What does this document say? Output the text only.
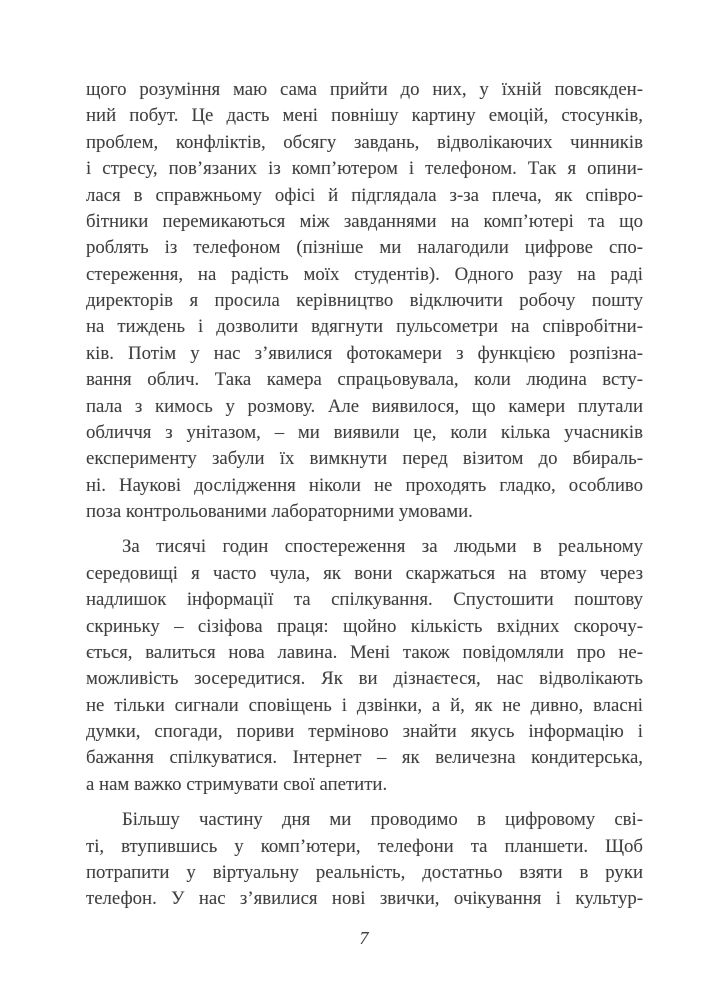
щого розуміння маю сама прийти до них, у їхній повсякден-
ний побут. Це дасть мені повнішу картину емоцій, стосунків,
проблем, конфліктів, обсягу завдань, відволікаючих чинників
і стресу, пов’язаних із комп’ютером і телефоном. Так я опини-
лася в справжньому офісі й підглядала з-за плеча, як співро-
бітники перемикаються між завданнями на комп’ютері та що
роблять із телефоном (пізніше ми налагодили цифрове спо-
стереження, на радість моїх студентів). Одного разу на раді
директорів я просила керівництво відключити робочу пошту
на тиждень і дозволити вдягнути пульсометри на співробітни-
ків. Потім у нас з’явилися фотокамери з функцією розпізна-
вання облич. Така камера спрацьовувала, коли людина всту-
пала з кимось у розмову. Але виявилося, що камери плутали
обличчя з унітазом, – ми виявили це, коли кілька учасників
експерименту забули їх вимкнути перед візитом до вбираль-
ні. Наукові дослідження ніколи не проходять гладко, особливо
поза контрольованими лабораторними умовами.
За тисячі годин спостереження за людьми в реальному
середовищі я часто чула, як вони скаржаться на втому через
надлишок інформації та спілкування. Спустошити поштову
скриньку – сізіфова праця: щойно кількість вхідних скорочу-
ється, валиться нова лавина. Мені також повідомляли про не-
можливість зосередитися. Як ви дізнаєтеся, нас відволікають
не тільки сигнали сповіщень і дзвінки, а й, як не дивно, власні
думки, спогади, пориви терміново знайти якусь інформацію і
бажання спілкуватися. Інтернет – як величезна кондитерська,
а нам важко стримувати свої апетити.
Більшу частину дня ми проводимо в цифровому сві-
ті, втупившись у комп’ютери, телефони та планшети. Щоб
потрапити у віртуальну реальність, достатньо взяти в руки
телефон. У нас з’явилися нові звички, очікування і культур-
7
